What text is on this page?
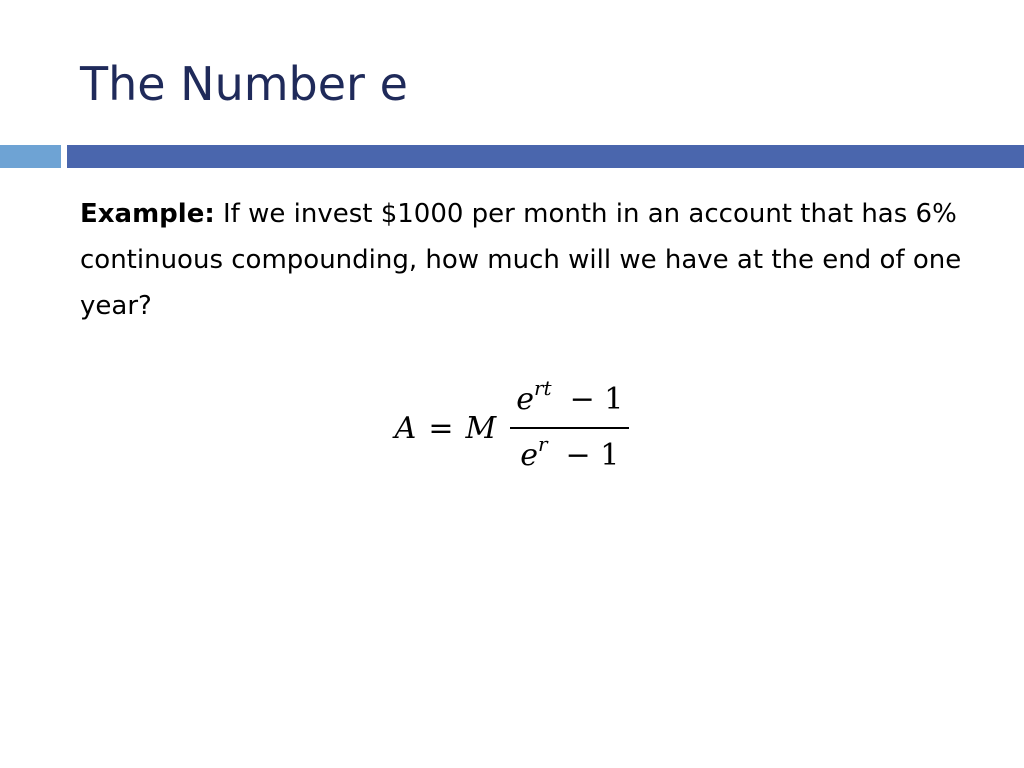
The Number e

Example: If we invest $1000 per month in an account that has 6% continuous compounding, how much will we have at the end of one year?

A = M $\frac{e^{rt} - 1}{e^r - 1}$
